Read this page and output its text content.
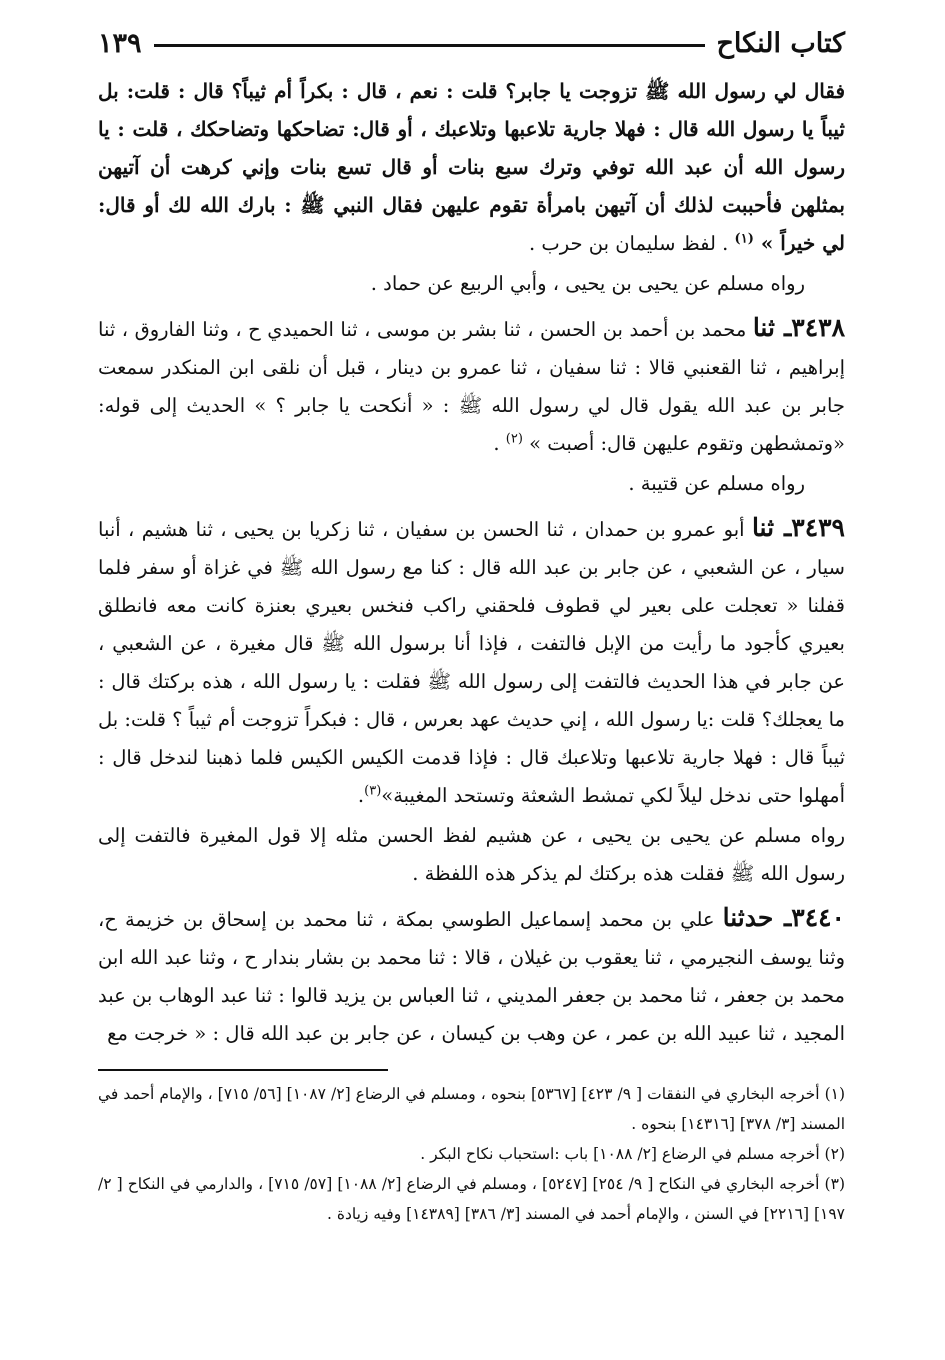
كتاب النكاح
١٣٩

فقال لي رسول الله ﷺ تزوجت يا جابر؟ قلت : نعم ، قال : بكراً أم ثيباً؟ قال : قلت: بل ثيباً يا رسول الله قال : فهلا جارية تلاعبها وتلاعبك ، أو قال: تضاحكها وتضاحكك ، قلت : يا رسول الله أن عبد الله توفي وترك سبع بنات أو قال تسع بنات وإني كرهت أن آتيهن بمثلهن فأحببت لذلك أن آتيهن بامرأة تقوم عليهن فقال النبي ﷺ : بارك الله لك أو قال: لي خيراً » $^{(١)}$ . لفظ سليمان بن حرب .

رواه مسلم عن يحيى بن يحيى ، وأبي الربيع عن حماد .

٣٤٣٨ـ ثنا محمد بن أحمد بن الحسن ، ثنا بشر بن موسى ، ثنا الحميدي ح ، وثنا الفاروق ، ثنا إبراهيم ، ثنا القعنبي قالا : ثنا سفيان ، ثنا عمرو بن دينار ، قبل أن نلقى ابن المنكدر سمعت جابر بن عبد الله يقول قال لي رسول الله ﷺ : « أنكحت يا جابر ؟ » الحديث إلى قوله: «وتمشطهن وتقوم عليهن قال: أصبت » $^{(٢)}$ .

رواه مسلم عن قتيبة .

٣٤٣٩ـ ثنا أبو عمرو بن حمدان ، ثنا الحسن بن سفيان ، ثنا زكريا بن يحيى ، ثنا هشيم ، أنبا سيار ، عن الشعبي ، عن جابر بن عبد الله قال : كنا مع رسول الله ﷺ في غزاة أو سفر فلما قفلنا « تعجلت على بعير لي قطوف فلحقني راكب فنخس بعيري بعنزة كانت معه فانطلق بعيري كأجود ما رأيت من الإبل فالتفت ، فإذا أنا برسول الله ﷺ قال مغيرة ، عن الشعبي ، عن جابر في هذا الحديث فالتفت إلى رسول الله ﷺ فقلت : يا رسول الله ، هذه بركتك قال : ما يعجلك؟ قلت :يا رسول الله ، إني حديث عهد بعرس ، قال : فبكراً تزوجت أم ثيباً ؟ قلت: بل ثيباً قال : فهلا جارية تلاعبها وتلاعبك قال : فإذا قدمت الكيس الكيس فلما ذهبنا لندخل قال : أمهلوا حتى ندخل ليلاً لكي تمشط الشعثة وتستحد المغيبة»$^{(٣)}$.

رواه مسلم عن يحيى بن يحيى ، عن هشيم لفظ الحسن مثله إلا قول المغيرة فالتفت إلى رسول الله ﷺ فقلت هذه بركتك لم يذكر هذه اللفظة .

٣٤٤٠ـ حدثنا علي بن محمد إسماعيل الطوسي بمكة ، ثنا محمد بن إسحاق بن خزيمة ح، وثنا يوسف النجيرمي ، ثنا يعقوب بن غيلان ، قالا : ثنا محمد بن بشار بندار ح ، وثنا عبد الله ابن محمد بن جعفر ، ثنا محمد بن جعفر المديني ، ثنا العباس بن يزيد قالوا : ثنا عبد الوهاب بن عبد المجيد ، ثنا عبيد الله بن عمر ، عن وهب بن كيسان ، عن جابر بن عبد الله قال : « خرجت مع

(١) أخرجه البخاري في النفقات [ ٩/ ٤٢٣] [٥٣٦٧] بنحوه ، ومسلم في الرضاع [٢/ ١٠٨٧] [٥٦/ ٧١٥] ، والإمام أحمد في المسند [٣/ ٣٧٨] [١٤٣١٦] بنحوه .

(٢) أخرجه مسلم في الرضاع [٢/ ١٠٨٨] باب :استحباب نكاح البكر .

(٣) أخرجه البخاري في النكاح [ ٩/ ٢٥٤] [٥٢٤٧] ، ومسلم في الرضاع [٢/ ١٠٨٨] [٥٧/ ٧١٥] ، والدارمي في النكاح [ ٢/ ١٩٧] [٢٢١٦] في السنن ، والإمام أحمد في المسند [٣/ ٣٨٦] [١٤٣٨٩] وفيه زيادة .
